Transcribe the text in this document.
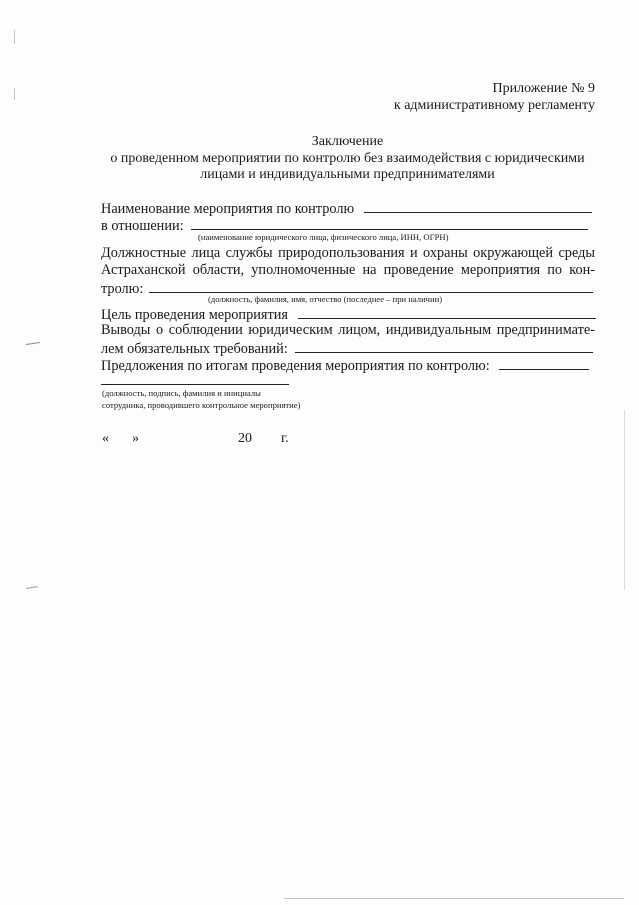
Приложение № 9
к административному регламенту
Заключение
о проведенном мероприятии по контролю без взаимодействия с юридическими
лицами и индивидуальными предпринимателями
Наименование мероприятия по контролю
в отношении:
(наименование юридического лица, физического лица, ИНН, ОГРН)
Должностные лица службы природопользования и охраны окружающей среды
Астраханской области, уполномоченные на проведение мероприятия по кон-
тролю:
(должность, фамилия, имя, отчество (последнее – при наличии)
Цель проведения мероприятия
Выводы о соблюдении юридическим лицом, индивидуальным предпринимате-
лем обязательных требований:
Предложения по итогам проведения мероприятия по контролю:
(должность, подпись, фамилия и инициалы
сотрудника, проводившего контрольное мероприятие)
« »	20 г.
